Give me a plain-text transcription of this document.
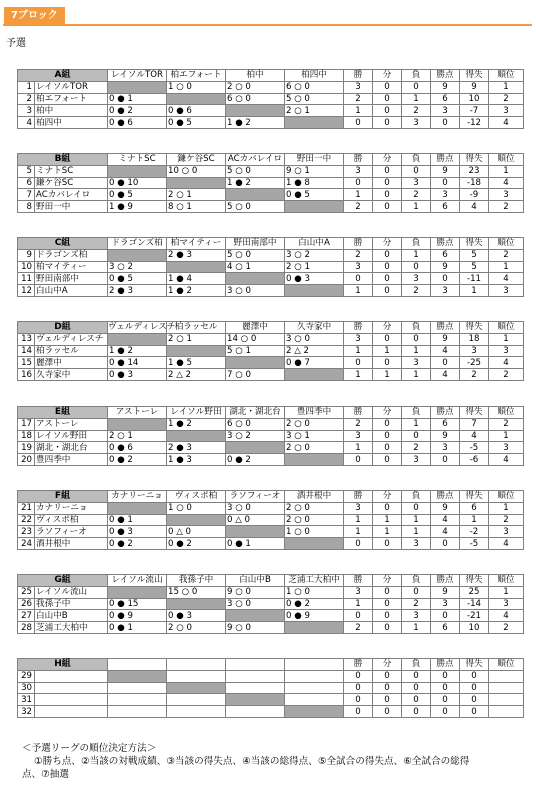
7ブロック
予選
A組		レイソルTOR	柏エフォート	柏中	柏四中	勝	分	負	勝点	得失	順位
1	レイソルTOR		1 ○ 0	2 ○ 0	6 ○ 0	3	0	0	9	9	1
2	柏エフォート	0 ● 1		6 ○ 0	5 ○ 0	2	0	1	6	10	2
3	柏中	0 ● 2	0 ● 6		2 ○ 1	1	0	2	3	-7	3
4	柏四中	0 ● 6	0 ● 5	1 ● 2		0	0	3	0	-12	4
B組		ミナトSC	鎌ケ谷SC	ACカバレイロ	野田一中	勝	分	負	勝点	得失	順位
5	ミナトSC		10 ○ 0	5 ○ 0	9 ○ 1	3	0	0	9	23	1
6	鎌ケ谷SC	0 ● 10		1 ● 2	1 ● 8	0	0	3	0	-18	4
7	ACカバレイロ	0 ● 5	2 ○ 1		0 ● 5	1	0	2	3	-9	3
8	野田一中	1 ● 9	8 ○ 1	5 ○ 0		2	0	1	6	4	2
C組		ドラゴンズ柏	柏マイティー	野田南部中	白山中A	勝	分	負	勝点	得失	順位
9	ドラゴンズ柏		2 ● 3	5 ○ 0	3 ○ 2	2	0	1	6	5	2
10	柏マイティー	3 ○ 2		4 ○ 1	2 ○ 1	3	0	0	9	5	1
11	野田南部中	0 ● 5	1 ● 4		0 ● 3	0	0	3	0	-11	4
12	白山中A	2 ● 3	1 ● 2	3 ○ 0		1	0	2	3	1	3
D組		ヴェルディレスチ	柏ラッセル	麗澤中	久寺家中	勝	分	負	勝点	得失	順位
13	ヴェルディレスチ		2 ○ 1	14 ○ 0	3 ○ 0	3	0	0	9	18	1
14	柏ラッセル	1 ● 2		5 ○ 1	2 △ 2	1	1	1	4	3	3
15	麗澤中	0 ● 14	1 ● 5		0 ● 7	0	0	3	0	-25	4
16	久寺家中	0 ● 3	2 △ 2	7 ○ 0		1	1	1	4	2	2
E組		アストーレ	レイソル野田	湖北・湖北台	豊四季中	勝	分	負	勝点	得失	順位
17	アストーレ		1 ● 2	6 ○ 0	2 ○ 0	2	0	1	6	7	2
18	レイソル野田	2 ○ 1		3 ○ 2	3 ○ 1	3	0	0	9	4	1
19	湖北・湖北台	0 ● 6	2 ● 3		2 ○ 0	1	0	2	3	-5	3
20	豊四季中	0 ● 2	1 ● 3	0 ● 2		0	0	3	0	-6	4
F組		カナリーニョ	ヴィスポ柏	ラソフィーオ	酒井根中	勝	分	負	勝点	得失	順位
21	カナリーニョ		1 ○ 0	3 ○ 0	2 ○ 0	3	0	0	9	6	1
22	ヴィスポ柏	0 ● 1		0 △ 0	2 ○ 0	1	1	1	4	1	2
23	ラソフィーオ	0 ● 3	0 △ 0		1 ○ 0	1	1	1	4	-2	3
24	酒井根中	0 ● 2	0 ● 2	0 ● 1		0	0	3	0	-5	4
G組		レイソル流山	我孫子中	白山中B	芝浦工大柏中	勝	分	負	勝点	得失	順位
25	レイソル流山		15 ○ 0	9 ○ 0	1 ○ 0	3	0	0	9	25	1
26	我孫子中	0 ● 15		3 ○ 0	0 ● 2	1	0	2	3	-14	3
27	白山中B	0 ● 9	0 ● 3		0 ● 9	0	0	3	0	-21	4
28	芝浦工大柏中	0 ● 1	2 ○ 0	9 ○ 0		2	0	1	6	10	2
H組						勝	分	負	勝点	得失	順位
29						0	0	0	0	0	
30						0	0	0	0	0	
31						0	0	0	0	0	
32						0	0	0	0	0	

＜予選リーグの順位決定方法＞

①勝ち点、②当該の対戦成績、③当該の得失点、④当該の総得点、⑤全試合の得失点、⑥全試合の総得

点、⑦抽選
